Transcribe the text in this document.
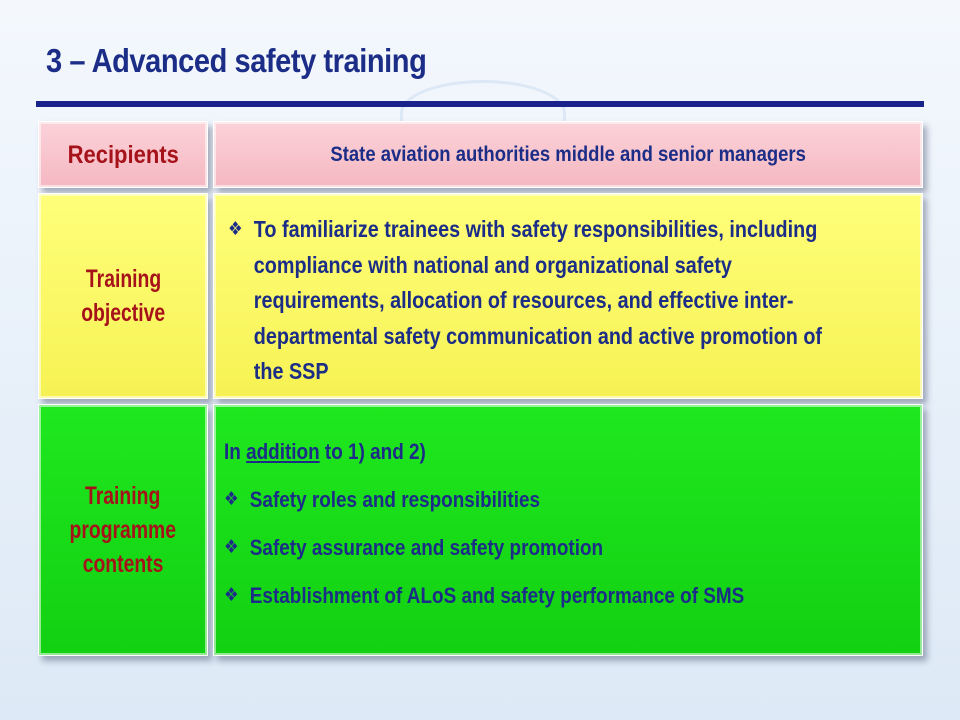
3 – Advanced safety training
Recipients	State aviation authorities middle and senior managers
Training
objective
❖ To familiarize trainees with safety responsibilities, including compliance with national and organizational safety requirements, allocation of resources, and effective inter-departmental safety communication and active promotion of the SSP
Training
programme
contents
In addition to 1) and 2)
❖ Safety roles and responsibilities
❖ Safety assurance and safety promotion
❖ Establishment of ALoS and safety performance of SMS
